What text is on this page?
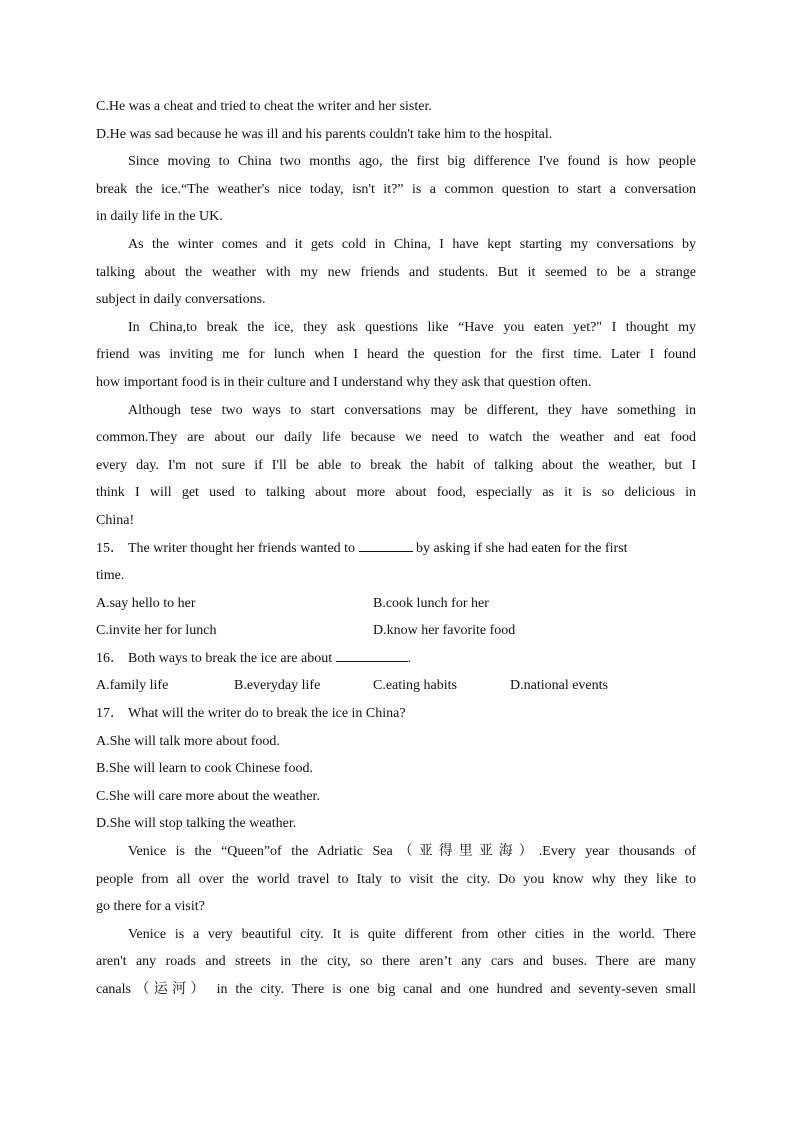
C.He was a cheat and tried to cheat the writer and her sister.
D.He was sad because he was ill and his parents couldn't take him to the hospital.
Since moving to China two months ago, the first big difference I've found is how people
break the ice.“The weather's nice today, isn't it?” is a common question to start a conversation
in daily life in the UK.
As the winter comes and it gets cold in China, I have kept starting my conversations by
talking about the weather with my new friends and students. But it seemed to be a strange
subject in daily conversations.
In China,to break the ice, they ask questions like “Have you eaten yet?" I thought my
friend was inviting me for lunch when I heard the question for the first time. Later I found
how important food is in their culture and I understand why they ask that question often.
Although tese two ways to start conversations may be different, they have something in
common.They are about our daily life because we need to watch the weather and eat food
every day. I'm not sure if I'll be able to break the habit of talking about the weather, but I
think I will get used to talking about more about food, especially as it is so delicious in
China!
15． The writer thought her friends wanted to	by asking if she had eaten for the first
time.
A.say hello to her	B.cook lunch for her
C.invite her for lunch	D.know her favorite food
16． Both ways to break the ice are about	.
A.family life	B.everyday life	C.eating habits	D.national events
17． What will the writer do to break the ice in China?
A.She will talk more about food.
B.She will learn to cook Chinese food.
C.She will care more about the weather.
D.She will stop talking the weather.
Venice is the “Queen”of the Adriatic Sea（亚得里亚海）.Every year thousands of
people from all over the world travel to Italy to visit the city. Do you know why they like to
go there for a visit?
Venice is a very beautiful city. It is quite different from other cities in the world. There
aren't any roads and streets in the city, so there aren’t any cars and buses. There are many
canals（运河） in the city. There is one big canal and one hundred and seventy-seven small
